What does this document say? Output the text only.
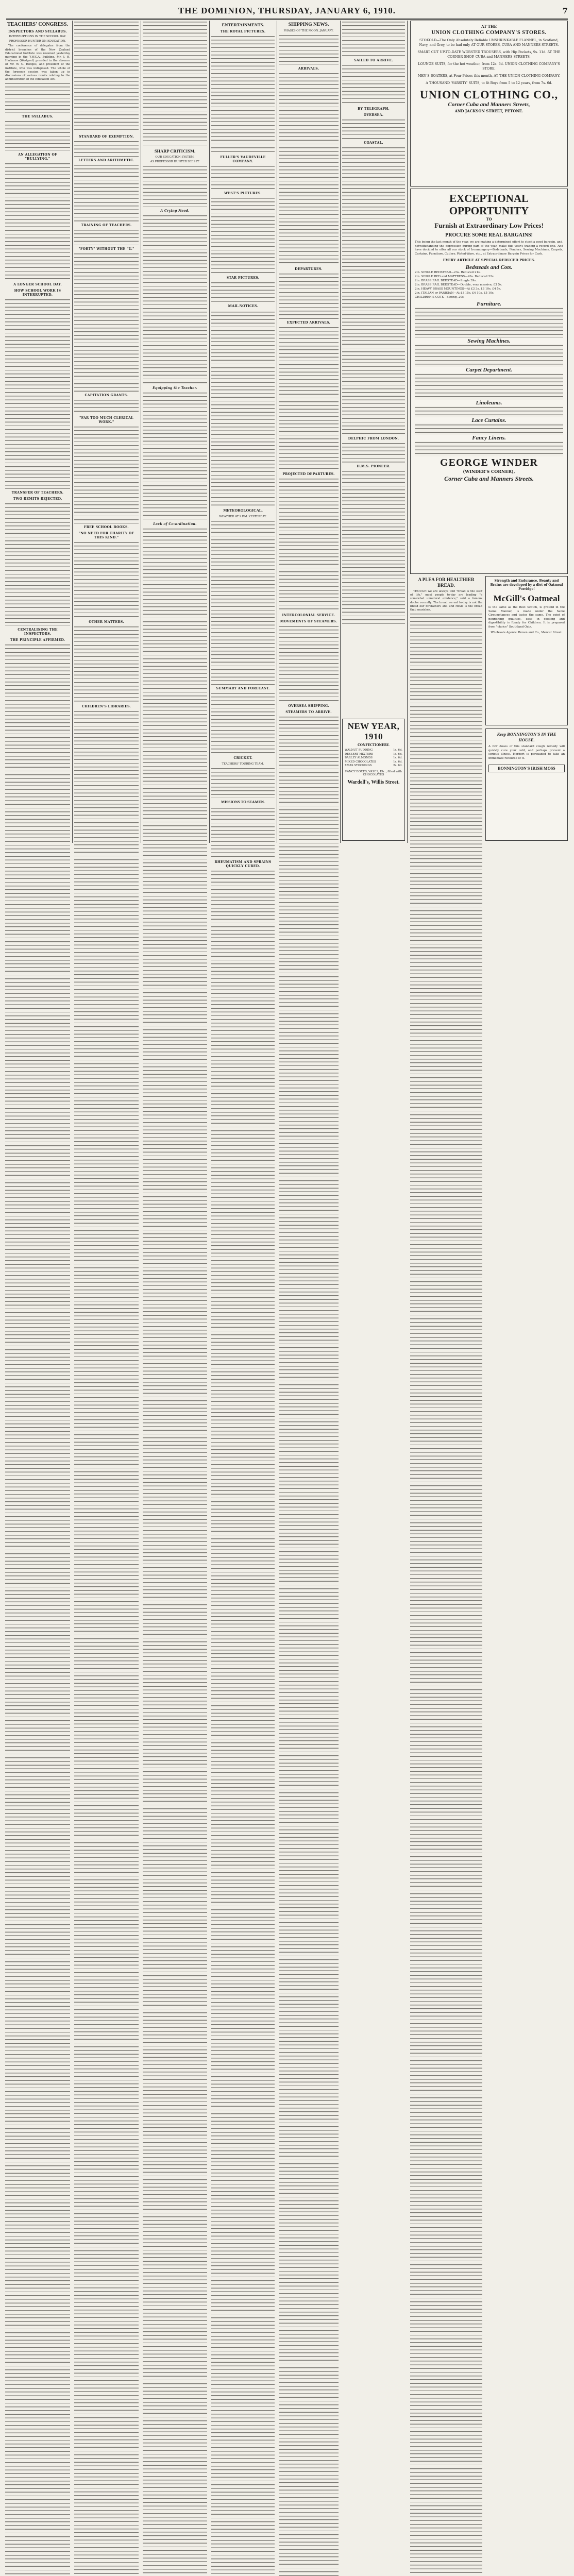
THE DOMINION, THURSDAY, JANUARY 6, 1910.	7
TEACHERS' CONGRESS.
INSPECTORS AND SYLLABUS.
INTERRUPTIONS IN THE SCHOOL DAY.
PROFESSOR HUNTER ON EDUCATION.
The conference of delegates from the district branches of the New Zealand Educational Institute was resumed yesterday morning in the Y.W.C.A. Building. Mr. J. H. Harkness (Westport) presided in the absence of Mr. W. G. Hodges, and president of the institute, who was indisposed. The whole of the forenoon session was taken up in discussions of various remits relating to the administration of the Education Act.
THE SYLLABUS.
AN ALLEGATION OF "BULLYING."
A LONGER SCHOOL DAY.
HOW SCHOOL WORK IS INTERRUPTED.
TRANSFER OF TEACHERS.
TWO REMITS REJECTED.
CENTRALISING THE INSPECTORS.
THE PRINCIPLE AFFIRMED.
STANDARD OF EXEMPTION.
LETTERS AND ARITHMETIC.
TRAINING OF TEACHERS.
"FORTY" WITHOUT THE "U."
CAPITATION GRANTS.
"FAR TOO MUCH CLERICAL WORK."
FREE SCHOOL BOOKS.
"NO NEED FOR CHARITY OF THIS KIND."
OTHER MATTERS.
CHILDREN'S LIBRARIES.
SHARP CRITICISM.
OUR EDUCATION SYSTEM.
AS PROFESSOR HUNTER SEES IT.
A Crying Need.
Equipping the Teacher.
Lack of Co-ordination.
ENTERTAINMENTS.
THE ROYAL PICTURES.
FULLER'S VAUDEVILLE COMPANY.
WEST'S PICTURES.
STAR PICTURES.
MAIL NOTICES.
METEOROLOGICAL.
WEATHER AT 9 P.M. YESTERDAY.
SUMMARY AND FORECAST.
CRICKET.
TEACHERS' TOURING TEAM.
MISSIONS TO SEAMEN.
RHEUMATISM AND SPRAINS QUICKLY CURED.
SHIPPING NEWS.
PHASES OF THE MOON. JANUARY.
ARRIVALS.
DEPARTURES.
EXPECTED ARRIVALS.
PROJECTED DEPARTURES.
INTERCOLONIAL SERVICE.
MOVEMENTS OF STEAMERS.
OVERSEA SHIPPING.
STEAMERS TO ARRIVE.
SAILED TO ARRIVE.
BY TELEGRAPH.
OVERSEA.
COASTAL.
DELPHIC FROM LONDON.
H.M.S. PIONEER.
NEW YEAR, 1910
CONFECTIONERY.
WALNUT PUDDING	1s. 6d.
DESSERT MIXTURE	1s. 6d.
BARLEY ALMONDS	1s. 6d.
MIXED CHOCOLATES	1s. 6d.
XMAS STOCKINGS	2s. 6d.
FANCY BOXES, VASES, Etc., filled with CHOCOLATES
Wardell's, Willis Street.
AT THE
UNION CLOTHING COMPANY'S STORES.
STOKOLD—The Only Absolutely Reliable UNSHRINKABLE FLANNEL, in Scotland, Navy, and Grey, to be had only AT OUR STORES, CUBA AND MANNERS STREETS.
SMART CUT UP-TO-DATE WORSTED TROUSERS, with Hip Pockets, 9s. 11d. AT THE CORNER SHOP, CUBA and MANNERS STREETS.
LOUNGE SUITS, for the hot weather, from 12s. 6d. UNION CLOTHING COMPANY'S STORE.
MEN'S BOATERS, at Four Prices this month, AT THE UNION CLOTHING COMPANY.
A THOUSAND 'VARSITY' SUITS, to fit Boys from 5 to 12 years, from 7s. 6d.
UNION CLOTHING CO.,
Corner Cuba and Manners Streets,
AND JACKSON STREET, PETONE.
EXCEPTIONAL OPPORTUNITY
TO
Furnish at Extraordinary Low Prices!
PROCURE SOME REAL BARGAINS!
This being the last month of the year, we are making a determined effort to stock a good bargain, and, notwithstanding the depression during part of the year, make this year's trading a record one. And have decided to offer all our stock of Ironmongery—Bedsteads, Fenders, Sewing Machines, Carpets, Curtains, Furniture, Cutlery, Plated-Ware, etc., at Extraordinary Bargain Prices for Cash.
EVERY ARTICLE AT SPECIAL REDUCED PRICES.
Bedsteads and Cots.
2in. SINGLE BEDSTEAD—23s. Reduced 21s.
2in. SINGLE BED and MATTRESS—26s. Reduced 22s.
2in. BRASS RAIL BEDSTEAD—Single 39s.
2in. BRASS RAIL BEDSTEAD—Double, very massive, £3 5s.
2in. HEAVY BRASS MOUNTINGS—At £3 3s. £3 10s. £4 5s.
2in. ITALIAN or PARISIAN—At £3 15s. £4 10s. £5 10s.
CHILDREN'S COTS—Strong, 20s.
Furniture.
Sewing Machines.
Carpet Department.
Linoleums.
Lace Curtains.
Fancy Linens.
GEORGE WINDER
(WINDER'S CORNER),
Corner Cuba and Manners Streets.
A PLEA FOR HEALTHIER BREAD.
THOUGH we are always told "bread is the staff of life," most people to-day are leading "a somewhat unnatural existence," said a famous doctor recently. The bread we eat to-day is not the bread our forefathers ate, and Hovis is the bread that nourishes.
Strength and Endurance, Beauty and Brains are developed by a diet of Oatmeal Porridge!
McGill's Oatmeal
is the same as the Best Scotch, is ground in the Same Manner, is made under the Same Circumstances and tastes the same. The point of nourishing qualities, ease in cooking and digestibility is Ready for Children. It is prepared from "choice" Southland Oats.
Wholesale Agents: Brown and Co., Mercer Street.
Keep BONNINGTON'S IN THE HOUSE.
A few doses of this standard cough remedy will quickly cure your cold, and perhaps prevent a serious illness. Herbert is persuaded to take an immediate recourse of it.
BONNINGTON'S IRISH MOSS
